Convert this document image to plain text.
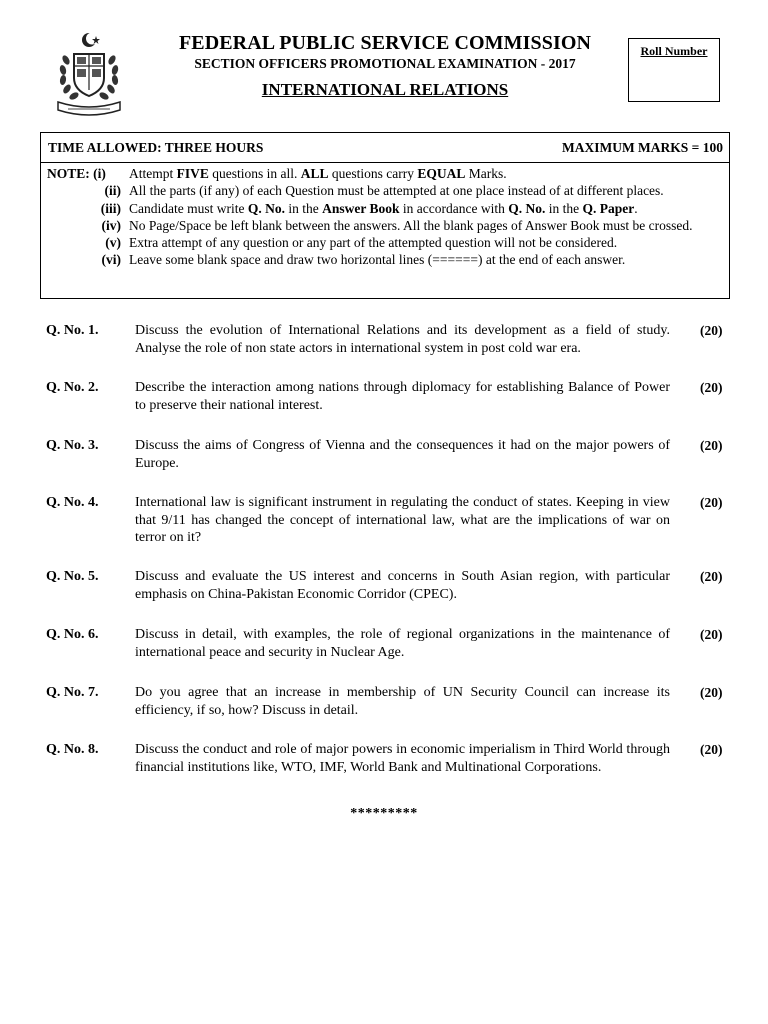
FEDERAL PUBLIC SERVICE COMMISSION
SECTION OFFICERS PROMOTIONAL EXAMINATION - 2017
INTERNATIONAL RELATIONS
Roll Number
TIME ALLOWED: THREE HOURS	MAXIMUM MARKS = 100
NOTE: (i)	Attempt FIVE questions in all. ALL questions carry EQUAL Marks.
(ii) All the parts (if any) of each Question must be attempted at one place instead of at different places.
(iii) Candidate must write Q. No. in the Answer Book in accordance with Q. No. in the Q. Paper.
(iv) No Page/Space be left blank between the answers. All the blank pages of Answer Book must be crossed.
(v) Extra attempt of any question or any part of the attempted question will not be considered.
(vi) Leave some blank space and draw two horizontal lines (======) at the end of each answer.
Q. No. 1.	Discuss the evolution of International Relations and its development as a field of study. Analyse the role of non state actors in international system in post cold war era.
(20)
Q. No. 2.	Describe the interaction among nations through diplomacy for establishing Balance of Power to preserve their national interest.
(20)
Q. No. 3.	Discuss the aims of Congress of Vienna and the consequences it had on the major powers of Europe.
(20)
Q. No. 4.	International law is significant instrument in regulating the conduct of states. Keeping in view that 9/11 has changed the concept of international law, what are the implications of war on terror on it?
(20)
Q. No. 5.	Discuss and evaluate the US interest and concerns in South Asian region, with particular emphasis on China-Pakistan Economic Corridor (CPEC).
(20)
Q. No. 6.	Discuss in detail, with examples, the role of regional organizations in the maintenance of international peace and security in Nuclear Age.
(20)
Q. No. 7.	Do you agree that an increase in membership of UN Security Council can increase its efficiency, if so, how? Discuss in detail.
(20)
Q. No. 8.	Discuss the conduct and role of major powers in economic imperialism in Third World through financial institutions like, WTO, IMF, World Bank and Multinational Corporations.
(20)
*********
